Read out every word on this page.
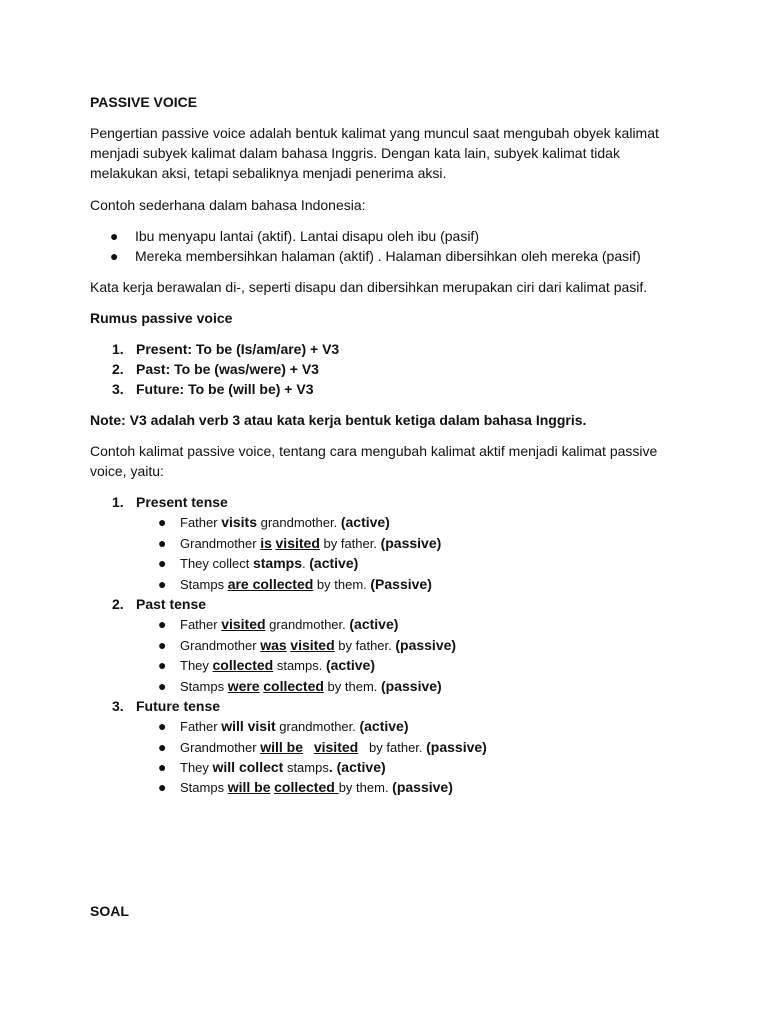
PASSIVE VOICE
Pengertian passive voice adalah bentuk kalimat yang muncul saat mengubah obyek kalimat
menjadi subyek kalimat dalam bahasa Inggris. Dengan kata lain, subyek kalimat tidak
melakukan aksi, tetapi sebaliknya menjadi penerima aksi.
Contoh sederhana dalam bahasa Indonesia:
● Ibu menyapu lantai (aktif). Lantai disapu oleh ibu (pasif)
● Mereka membersihkan halaman (aktif) . Halaman dibersihkan oleh mereka (pasif)
Kata kerja berawalan di-, seperti disapu dan dibersihkan merupakan ciri dari kalimat pasif.
Rumus passive voice
1. Present: To be (Is/am/are) + V3
2. Past: To be (was/were) + V3
3. Future: To be (will be) + V3
Note: V3 adalah verb 3 atau kata kerja bentuk ketiga dalam bahasa Inggris.
Contoh kalimat passive voice, tentang cara mengubah kalimat aktif menjadi kalimat passive
voice, yaitu:
1. Present tense
● Father visits grandmother. (active)
● Grandmother is visited by father. (passive)
● They collect stamps. (active)
● Stamps are collected by them. (Passive)
2. Past tense
● Father visited grandmother. (active)
● Grandmother was visited by father. (passive)
● They collected stamps. (active)
● Stamps were collected by them. (passive)
3. Future tense
● Father will visit grandmother. (active)
● Grandmother will be visited   by father. (passive)
● They will collect stamps. (active)
● Stamps will be collected by them. (passive)
SOAL
